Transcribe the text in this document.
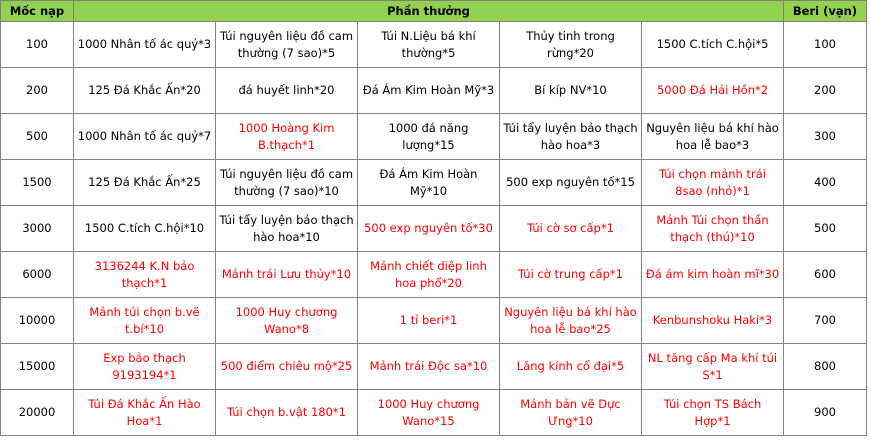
Mốc nạp	Phần thưởng					Beri (vạn)
100	1000 Nhân tố ác quỷ*3	Túi nguyên liệu đồ cam thường (7 sao)*5	Túi N.Liệu bá khí thường*5	Thủy tinh trong rừng*20	1500 C.tích C.hội*5	100
200	125 Đá Khắc Ấn*20	đá huyết linh*20	Đá Ám Kim Hoàn Mỹ*3	Bí kíp NV*10	5000 Đá Hải Hồn*2	200
500	1000 Nhân tố ác quỷ*7	1000 Hoàng Kim B.thạch*1	1000 đá năng lượng*15	Túi tẩy luyện bảo thạch hào hoa*3	Nguyên liệu bá khí hào hoa lễ bao*3	300
1500	125 Đá Khắc Ấn*25	Túi nguyên liệu đồ cam thường (7 sao)*10	Đá Ám Kim Hoàn Mỹ*10	500 exp nguyên tố*15	Túi chọn mảnh trái 8sao (nhỏ)*1	400
3000	1500 C.tích C.hội*10	Túi tẩy luyện bảo thạch hào hoa*10	500 exp nguyên tố*30	Túi cờ sơ cấp*1	Mảnh Túi chọn thần thạch (thú)*10	500
6000	3136244 K.N bảo thạch*1	Mảnh trái Lưu thủy*10	Mảnh chiết diệp linh hoa phổ*20	Túi cờ trung cấp*1	Đá ám kim hoàn mĩ*30	600
10000	Mảnh túi chọn b.vẽ t.bí*10	1000 Huy chương Wano*8	1 tỉ beri*1	Nguyên liệu bá khí hào hoa lễ bao*25	Kenbunshoku Haki*3	700
15000	Exp bảo thạch 9193194*1	500 điểm chiêu mộ*25	Mảnh trái Độc sa*10	Lăng kính cổ đại*5	NL tăng cấp Ma khí túi S*1	800
20000	Túi Đá Khắc Ấn Hào Hoa*1	Túi chọn b.vật 180*1	1000 Huy chương Wano*15	Mảnh bản vẽ Dực Ưng*10	Túi chọn TS Bách Hợp*1	900
